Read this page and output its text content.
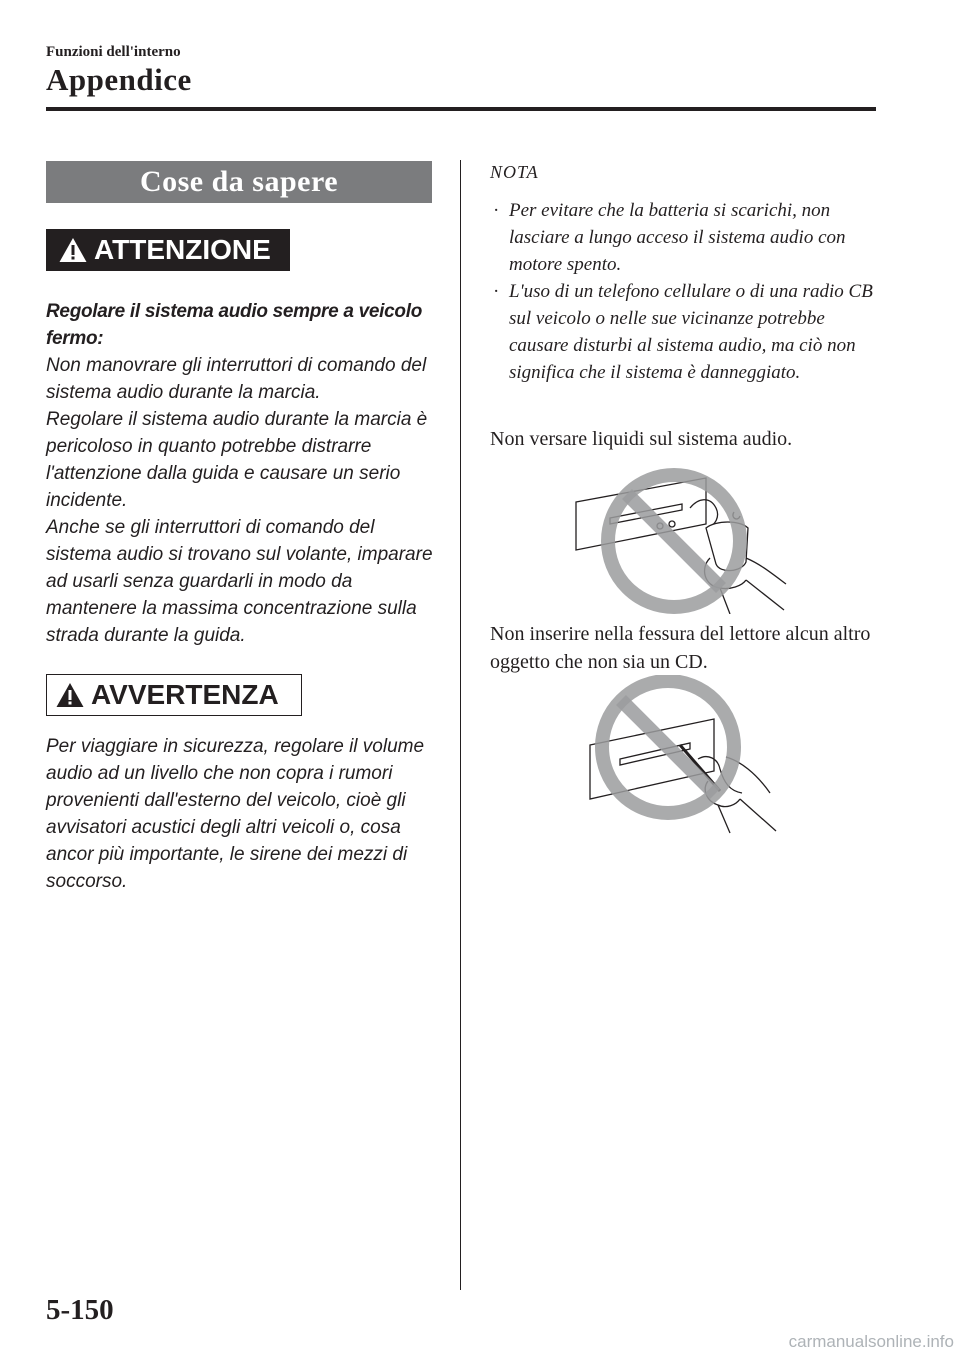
Funzioni dell'interno
Appendice
Cose da sapere
ATTENZIONE

Regolare il sistema audio sempre a veicolo fermo:

Non manovrare gli interruttori di comando del sistema audio durante la marcia.

Regolare il sistema audio durante la marcia è pericoloso in quanto potrebbe distrarre l'attenzione dalla guida e causare un serio incidente.

Anche se gli interruttori di comando del sistema audio si trovano sul volante, imparare ad usarli senza guardarli in modo da mantenere la massima concentrazione sulla strada durante la guida.

AVVERTENZA

Per viaggiare in sicurezza, regolare il volume audio ad un livello che non copra i rumori provenienti dall'esterno del veicolo, cioè gli avvisatori acustici degli altri veicoli o, cosa ancor più importante, le sirene dei mezzi di soccorso.

NOTA
· Per evitare che la batteria si scarichi, non lasciare a lungo acceso il sistema audio con motore spento.
· L'uso di un telefono cellulare o di una radio CB sul veicolo o nelle sue vicinanze potrebbe causare disturbi al sistema audio, ma ciò non significa che il sistema è danneggiato.

Non versare liquidi sul sistema audio.

Non inserire nella fessura del lettore alcun altro oggetto che non sia un CD.

5-150
carmanualsonline.info
